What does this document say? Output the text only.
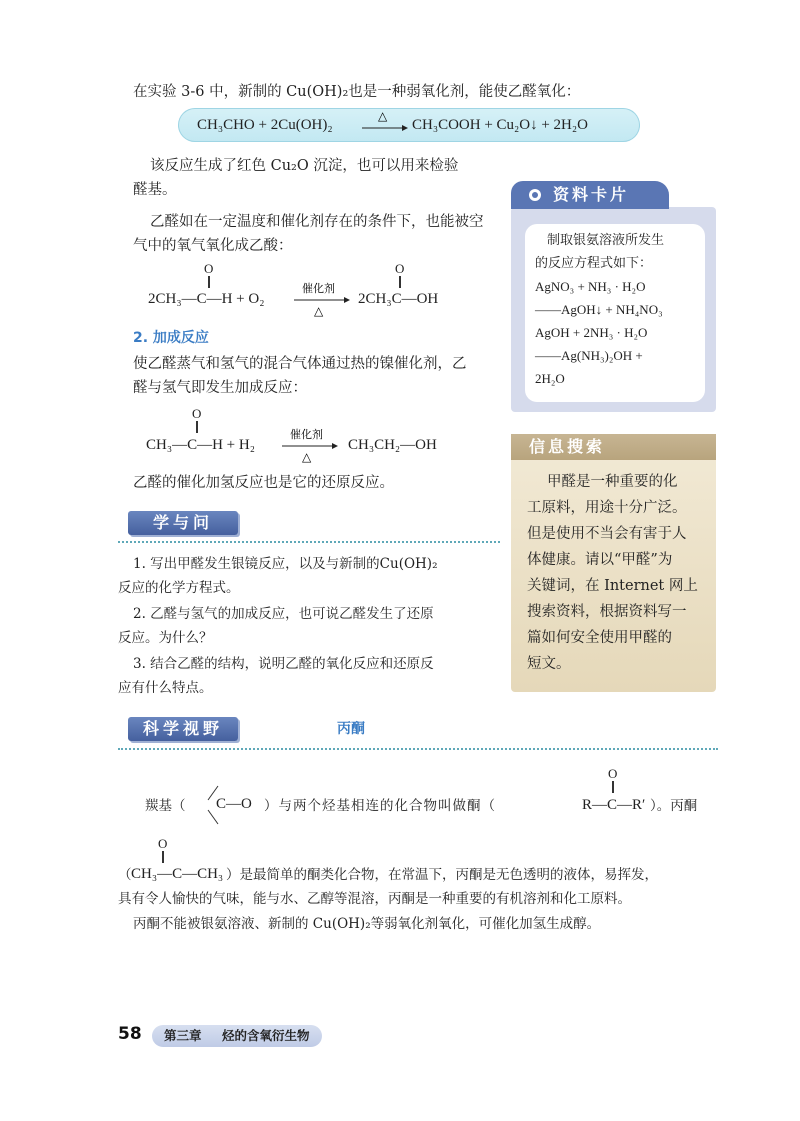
在实验 3-6 中，新制的 Cu(OH)₂也是一种弱氧化剂，能使乙醛氧化：
CH₃CHO + 2Cu(OH)₂
△
CH₃COOH + Cu₂O↓ + 2H₂O
该反应生成了红色 Cu₂O 沉淀，也可以用来检验
醛基。
乙醛如在一定温度和催化剂存在的条件下，也能被空
气中的氧气氧化成乙酸：
O
2CH₃—C—H + O₂
催化剂
△
O
2CH₃C—OH
2. 加成反应
使乙醛蒸气和氢气的混合气体通过热的镍催化剂，乙
醛与氢气即发生加成反应：
O
CH₃—C—H + H₂
催化剂
△
CH₃CH₂—OH
乙醛的催化加氢反应也是它的还原反应。
学与问
1. 写出甲醛发生银镜反应，以及与新制的Cu(OH)₂
反应的化学方程式。
2. 乙醛与氢气的加成反应，也可说乙醛发生了还原
反应。为什么？
3. 结合乙醛的结构，说明乙醛的氧化反应和还原反
应有什么特点。
资料卡片
制取银氨溶液所发生
的反应方程式如下：
AgNO₃ + NH₃ · H₂O
——AgOH↓ + NH₄NO₃
AgOH + 2NH₃ · H₂O
——Ag(NH₃)₂OH +
2H₂O
信息搜索
甲醛是一种重要的化
工原料，用途十分广泛。
但是使用不当会有害于人
体健康。请以“甲醛”为
关键词，在 Internet 网上
搜索资料，根据资料写一
篇如何安全使用甲醛的
短文。
科学视野	丙酮
羰基（ C—O ）与两个烃基相连的化合物叫做酮（
O
R—C—R′ ）。丙酮
O
（ CH₃—C—CH₃ ）是最简单的酮类化合物，在常温下，丙酮是无色透明的液体，易挥发，
具有令人愉快的气味，能与水、乙醇等混溶，丙酮是一种重要的有机溶剂和化工原料。
丙酮不能被银氨溶液、新制的 Cu(OH)₂等弱氧化剂氧化，可催化加氢生成醇。
58 第三章 烃的含氧衍生物
